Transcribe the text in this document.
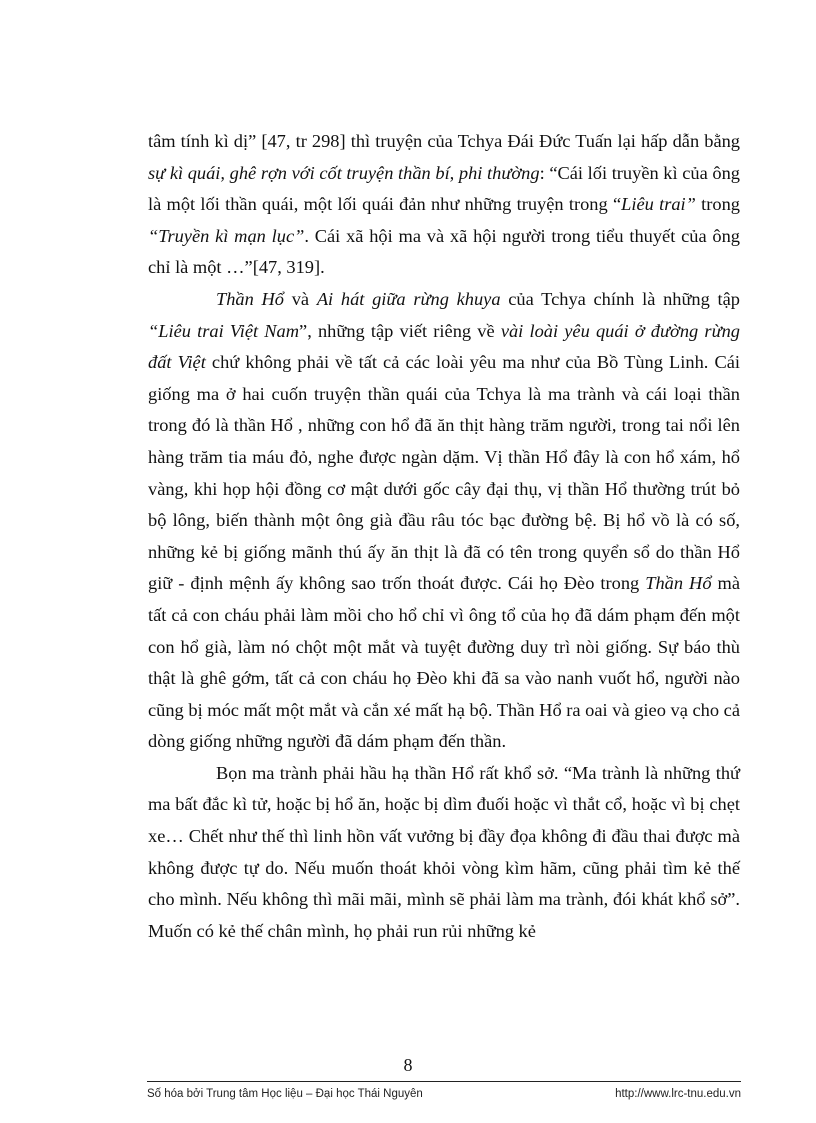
tâm tính kì dị” [47, tr 298] thì truyện của Tchya Đái Đức Tuấn lại hấp dẫn bằng sự kì quái, ghê rợn với cốt truyện thần bí, phi thường: “Cái lối truyền kì của ông là một lối thần quái, một lối quái đản như những truyện trong “Liêu trai” trong “Truyền kì mạn lục”. Cái xã hội ma và xã hội người trong tiểu thuyết của ông chỉ là một …”[47, 319].

Thần Hổ và Ai hát giữa rừng khuya của Tchya chính là những tập “Liêu trai Việt Nam”, những tập viết riêng về vài loài yêu quái ở đường rừng đất Việt chứ không phải về tất cả các loài yêu ma như của Bồ Tùng Linh. Cái giống ma ở hai cuốn truyện thần quái của Tchya là ma trành và cái loại thần trong đó là thần Hổ , những con hổ đã ăn thịt hàng trăm người, trong tai nổi lên hàng trăm tia máu đỏ, nghe được ngàn dặm. Vị thần Hổ đây là con hổ xám, hổ vàng, khi họp hội đồng cơ mật dưới gốc cây đại thụ, vị thần Hổ thường trút bỏ bộ lông, biến thành một ông già đầu râu tóc bạc đường bệ. Bị hổ vồ là có số, những kẻ bị giống mãnh thú ấy ăn thịt là đã có tên trong quyển sổ do thần Hổ giữ - định mệnh ấy không sao trốn thoát được. Cái họ Đèo trong Thần Hổ mà tất cả con cháu phải làm mồi cho hổ chỉ vì ông tổ của họ đã dám phạm đến một con hổ già, làm nó chột một mắt và tuyệt đường duy trì nòi giống. Sự báo thù thật là ghê gớm, tất cả con cháu họ Đèo khi đã sa vào nanh vuốt hổ, người nào cũng bị móc mất một mắt và cắn xé mất hạ bộ. Thần Hổ ra oai và gieo vạ cho cả dòng giống những người đã dám phạm đến thần.

Bọn ma trành phải hầu hạ thần Hổ rất khổ sở. “Ma trành là những thứ ma bất đắc kì tử, hoặc bị hổ ăn, hoặc bị dìm đuối hoặc vì thắt cổ, hoặc vì bị chẹt xe… Chết như thế thì linh hồn vất vưởng bị đầy đọa không đi đầu thai được mà không được tự do. Nếu muốn thoát khỏi vòng kìm hãm, cũng phải tìm kẻ thế cho mình. Nếu không thì mãi mãi, mình sẽ phải làm ma trành, đói khát khổ sở”. Muốn có kẻ thế chân mình, họ phải run rủi những kẻ

8
Số hóa bởi Trung tâm Học liệu – Đại học Thái Nguyên	http://www.lrc-tnu.edu.vn
